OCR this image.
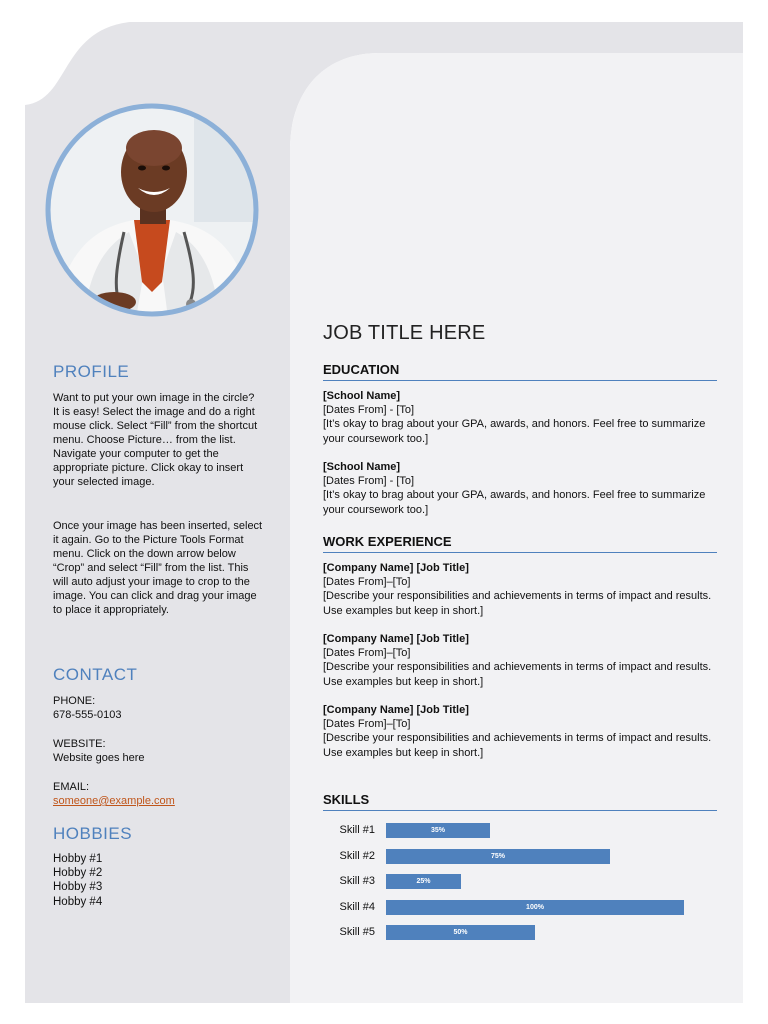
PROFILE

Want to put your own image in the circle? It is easy! Select the image and do a right mouse click. Select “Fill” from the shortcut menu. Choose Picture… from the list. Navigate your computer to get the appropriate picture. Click okay to insert your selected image.

Once your image has been inserted, select it again. Go to the Picture Tools Format menu. Click on the down arrow below “Crop” and select “Fill” from the list. This will auto adjust your image to crop to the image. You can click and drag your image to place it appropriately.

CONTACT
PHONE:
678-555-0103
WEBSITE:
Website goes here
EMAIL:
someone@example.com
HOBBIES
Hobby #1
Hobby #2
Hobby #3
Hobby #4
JOB TITLE HERE
EDUCATION
[School Name]
[Dates From] - [To]
[It’s okay to brag about your GPA, awards, and honors. Feel free to summarize your coursework too.]
[School Name]
[Dates From] - [To]
[It’s okay to brag about your GPA, awards, and honors. Feel free to summarize your coursework too.]
WORK EXPERIENCE
[Company Name] [Job Title]
[Dates From]–[To]
[Describe your responsibilities and achievements in terms of impact and results. Use examples but keep in short.]
[Company Name] [Job Title]
[Dates From]–[To]
[Describe your responsibilities and achievements in terms of impact and results. Use examples but keep in short.]
[Company Name] [Job Title]
[Dates From]–[To]
[Describe your responsibilities and achievements in terms of impact and results. Use examples but keep in short.]
SKILLS
Skill #1	35%
Skill #2	75%
Skill #3	25%
Skill #4	100%
Skill #5	50%
